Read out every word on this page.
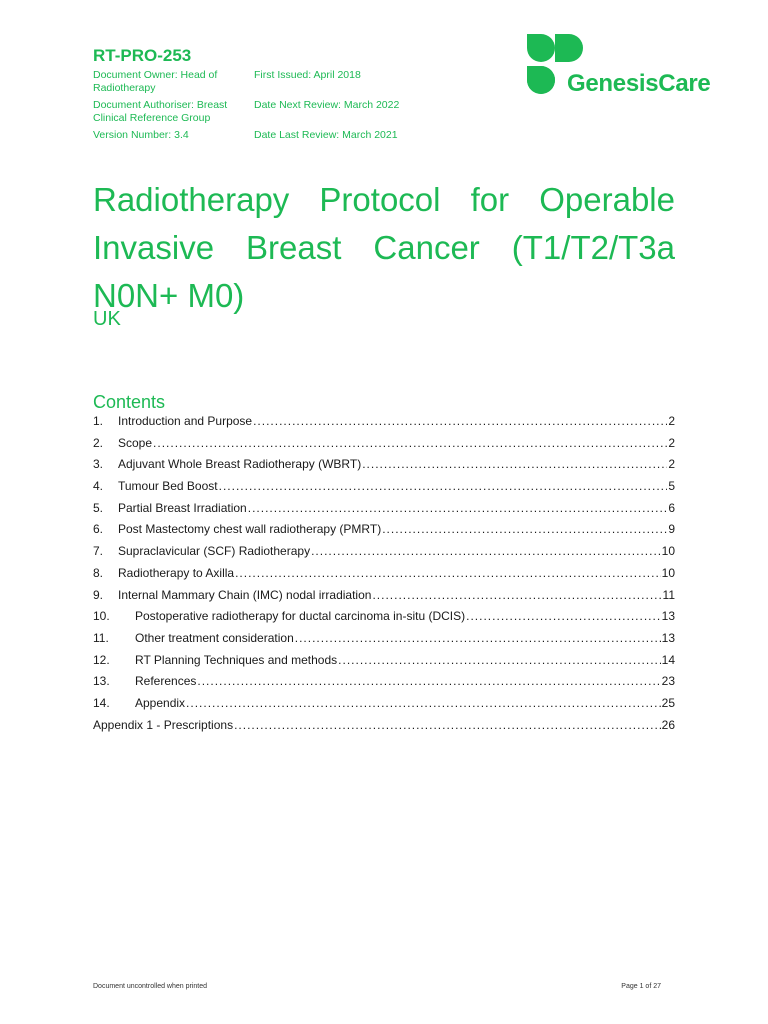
RT-PRO-253
Document Owner: Head of Radiotherapy
Document Authoriser: Breast Clinical Reference Group
Version Number: 3.4
First Issued: April 2018
Date Next Review: March 2022
Date Last Review: March 2021
GenesisCare
Radiotherapy Protocol for Operable Invasive Breast Cancer (T1/T2/T3a N0N+ M0)
UK
Contents
1.	Introduction and Purpose .....	2
2.	Scope .....	2
3.	Adjuvant Whole Breast Radiotherapy (WBRT) .....	2
4.	Tumour Bed Boost .....	5
5.	Partial Breast Irradiation .....	6
6.	Post Mastectomy chest wall radiotherapy (PMRT) .....	9
7.	Supraclavicular (SCF) Radiotherapy .....	10
8.	Radiotherapy to Axilla .....	10
9.	Internal Mammary Chain (IMC) nodal irradiation .....	11
10.	Postoperative radiotherapy for ductal carcinoma in-situ (DCIS) .....	13
11.	Other treatment consideration .....	13
12.	RT Planning Techniques and methods .....	14
13.	References .....	23
14.	Appendix .....	25
Appendix 1 - Prescriptions .....	26
Document uncontrolled when printed	Page 1 of 27
